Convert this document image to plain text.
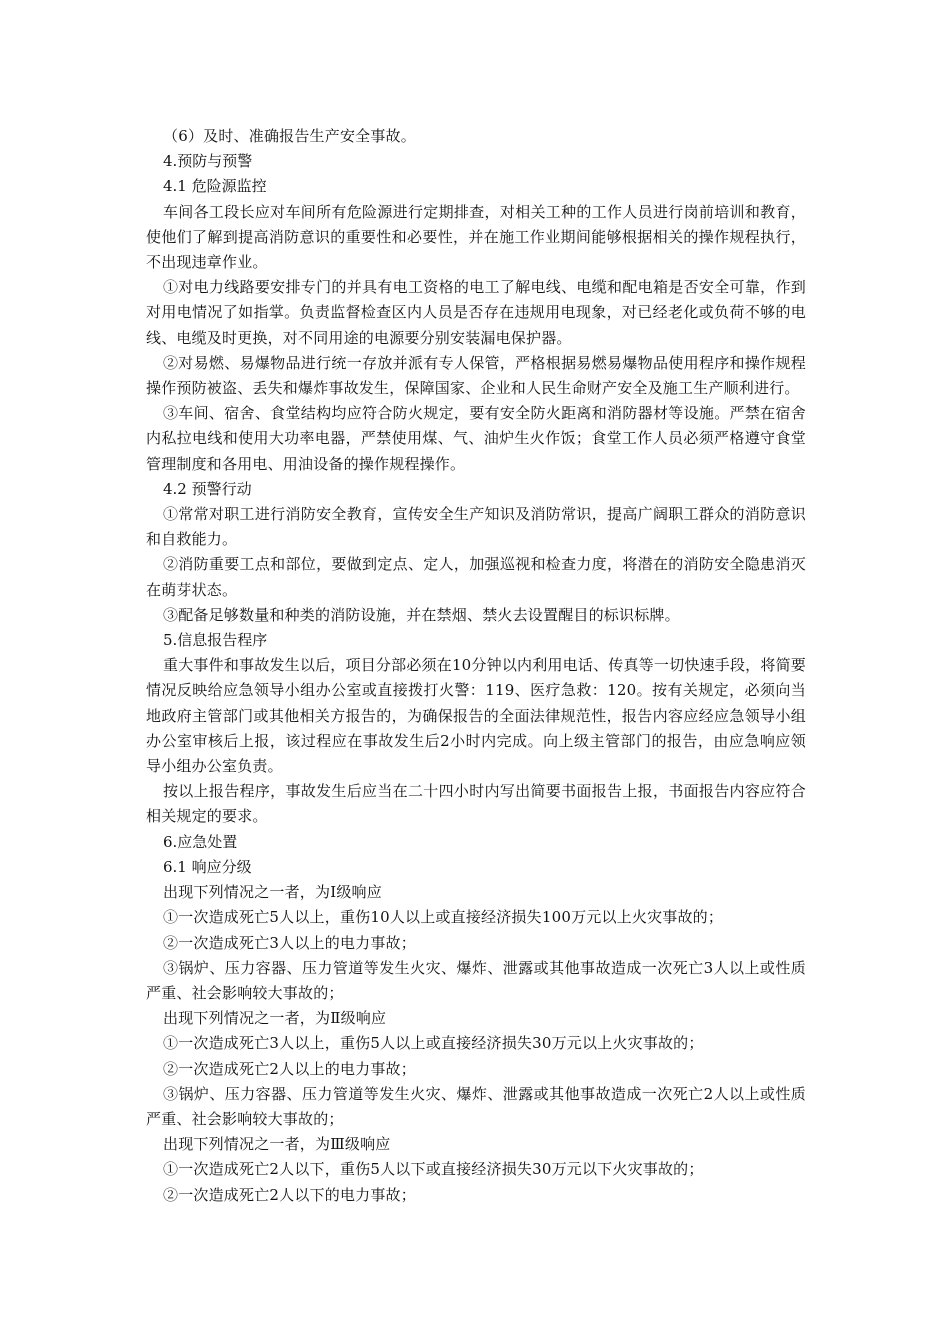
（6）及时、准确报告生产安全事故。

4.预防与预警

4.1 危险源监控

车间各工段长应对车间所有危险源进行定期排查，对相关工种的工作人员进行岗前培训和教育，使他们了解到提高消防意识的重要性和必要性，并在施工作业期间能够根据相关的操作规程执行，不出现违章作业。

①对电力线路要安排专门的并具有电工资格的电工了解电线、电缆和配电箱是否安全可靠，作到对用电情况了如指掌。负责监督检查区内人员是否存在违规用电现象，对已经老化或负荷不够的电线、电缆及时更换，对不同用途的电源要分别安装漏电保护器。

②对易燃、易爆物品进行统一存放并派有专人保管，严格根据易燃易爆物品使用程序和操作规程操作预防被盗、丢失和爆炸事故发生，保障国家、企业和人民生命财产安全及施工生产顺利进行。

③车间、宿舍、食堂结构均应符合防火规定，要有安全防火距离和消防器材等设施。严禁在宿舍内私拉电线和使用大功率电器，严禁使用煤、气、油炉生火作饭；食堂工作人员必须严格遵守食堂管理制度和各用电、用油设备的操作规程操作。

4.2 预警行动

①常常对职工进行消防安全教育，宣传安全生产知识及消防常识，提高广阔职工群众的消防意识和自救能力。

②消防重要工点和部位，要做到定点、定人，加强巡视和检查力度，将潜在的消防安全隐患消灭在萌芽状态。

③配备足够数量和种类的消防设施，并在禁烟、禁火去设置醒目的标识标牌。

5.信息报告程序

重大事件和事故发生以后，项目分部必须在10分钟以内利用电话、传真等一切快速手段，将简要情况反映给应急领导小组办公室或直接拨打火警：119、医疗急救：120。按有关规定，必须向当地政府主管部门或其他相关方报告的，为确保报告的全面法律规范性，报告内容应经应急领导小组办公室审核后上报，该过程应在事故发生后2小时内完成。向上级主管部门的报告，由应急响应领导小组办公室负责。

按以上报告程序，事故发生后应当在二十四小时内写出简要书面报告上报，书面报告内容应符合相关规定的要求。

6.应急处置

6.1 响应分级

出现下列情况之一者，为Ⅰ级响应

①一次造成死亡5人以上，重伤10人以上或直接经济损失100万元以上火灾事故的；

②一次造成死亡3人以上的电力事故；

③锅炉、压力容器、压力管道等发生火灾、爆炸、泄露或其他事故造成一次死亡3人以上或性质严重、社会影响较大事故的；

出现下列情况之一者，为Ⅱ级响应

①一次造成死亡3人以上，重伤5人以上或直接经济损失30万元以上火灾事故的；

②一次造成死亡2人以上的电力事故；

③锅炉、压力容器、压力管道等发生火灾、爆炸、泄露或其他事故造成一次死亡2人以上或性质严重、社会影响较大事故的；

出现下列情况之一者，为Ⅲ级响应

①一次造成死亡2人以下，重伤5人以下或直接经济损失30万元以下火灾事故的；

②一次造成死亡2人以下的电力事故；
